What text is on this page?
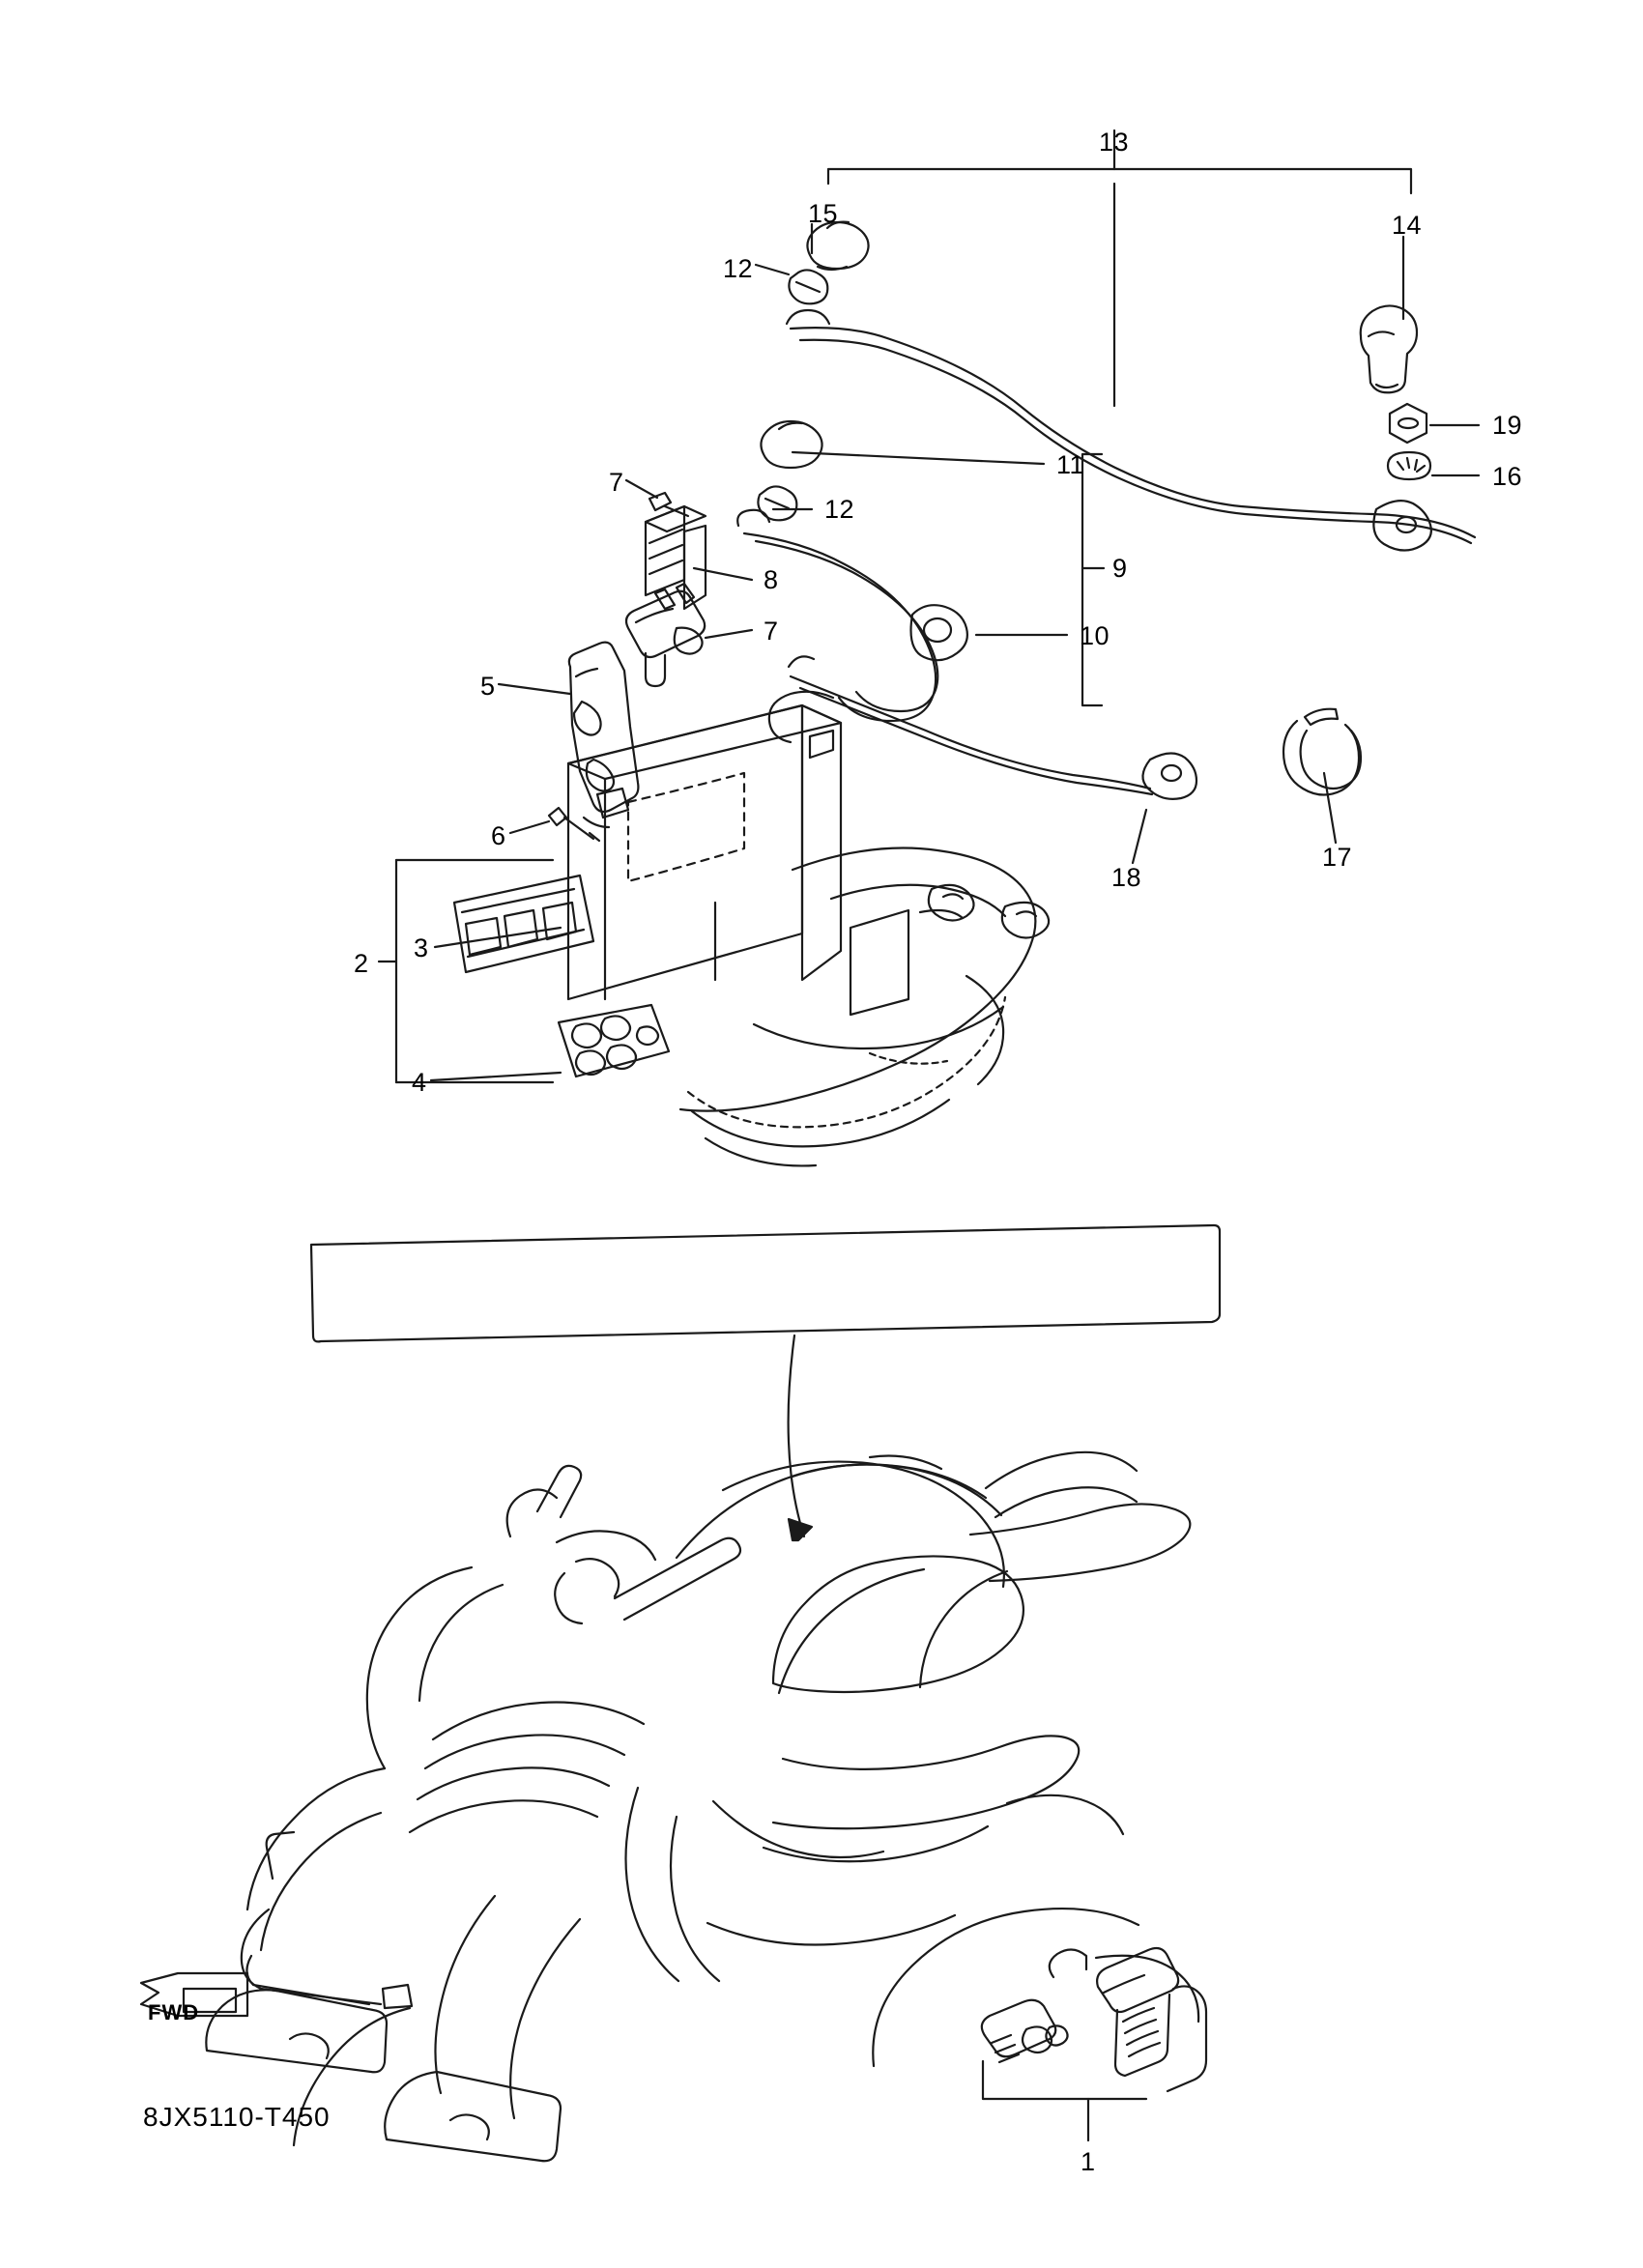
13
15
12
14
19
16
11
12
7
8	9
10
7
5
6
17
18
2
3
4
1
FWD
8JX5110-T450
